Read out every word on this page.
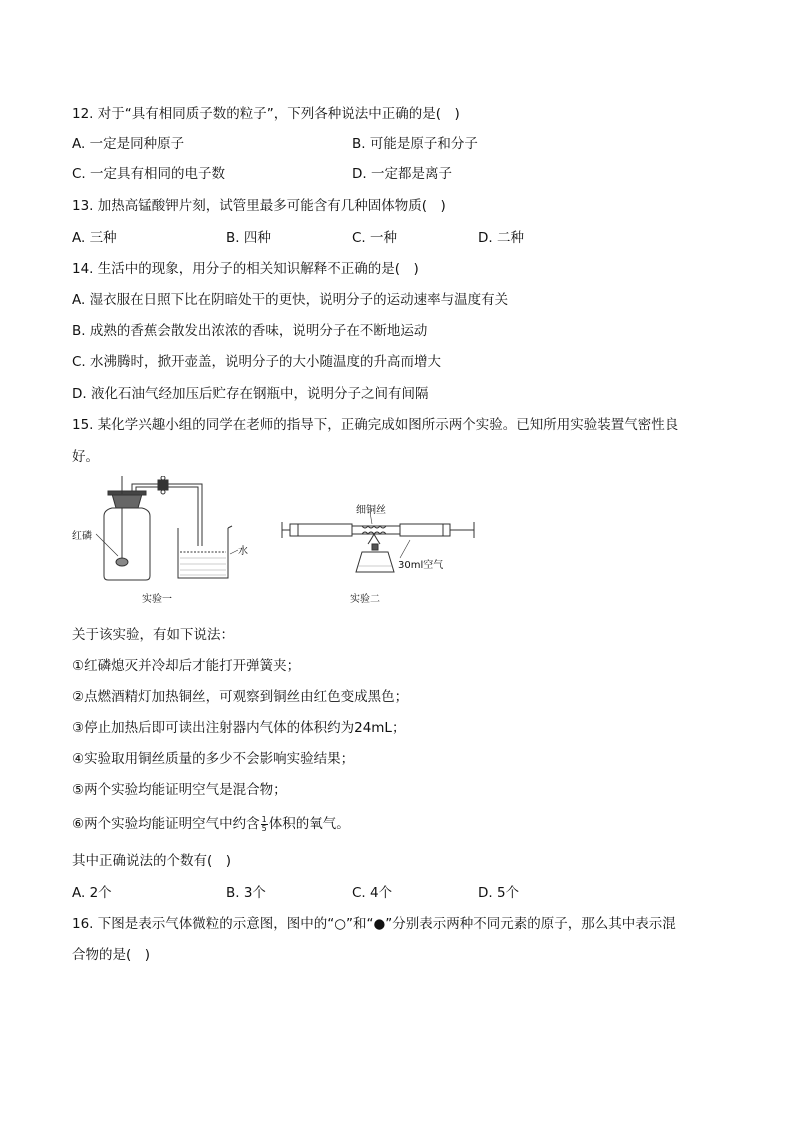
12. 对于“具有相同质子数的粒子”，下列各种说法中正确的是(　)
A. 一定是同种原子	B. 可能是原子和分子
C. 一定具有相同的电子数	D. 一定都是离子
13. 加热高锰酸钾片刻，试管里最多可能含有几种固体物质(　)
A. 三种	B. 四种	C. 一种	D. 二种
14. 生活中的现象，用分子的相关知识解释不正确的是(　)
A. 湿衣服在日照下比在阴暗处干的更快，说明分子的运动速率与温度有关
B. 成熟的香蕉会散发出浓浓的香味，说明分子在不断地运动
C. 水沸腾时，掀开壶盖，说明分子的大小随温度的升高而增大
D. 液化石油气经加压后贮存在钢瓶中，说明分子之间有间隔
15. 某化学兴趣小组的同学在老师的指导下，正确完成如图所示两个实验。已知所用实验装置气密性良
好。
红磷
水
实验一
细铜丝
30ml空气
实验二
关于该实验，有如下说法：
①红磷熄灭并冷却后才能打开弹簧夹；
②点燃酒精灯加热铜丝，可观察到铜丝由红色变成黑色；
③停止加热后即可读出注射器内气体的体积约为24mL；
④实验取用铜丝质量的多少不会影响实验结果；
⑤两个实验均能证明空气是混合物；
⑥两个实验均能证明空气中约含 $\frac{1}{5}$ 体积的氧气。
其中正确说法的个数有(　)
A. 2个	B. 3个	C. 4个	D. 5个
16. 下图是表示气体微粒的示意图，图中的“○”和“●”分别表示两种不同元素的原子，那么其中表示混
合物的是(　)
